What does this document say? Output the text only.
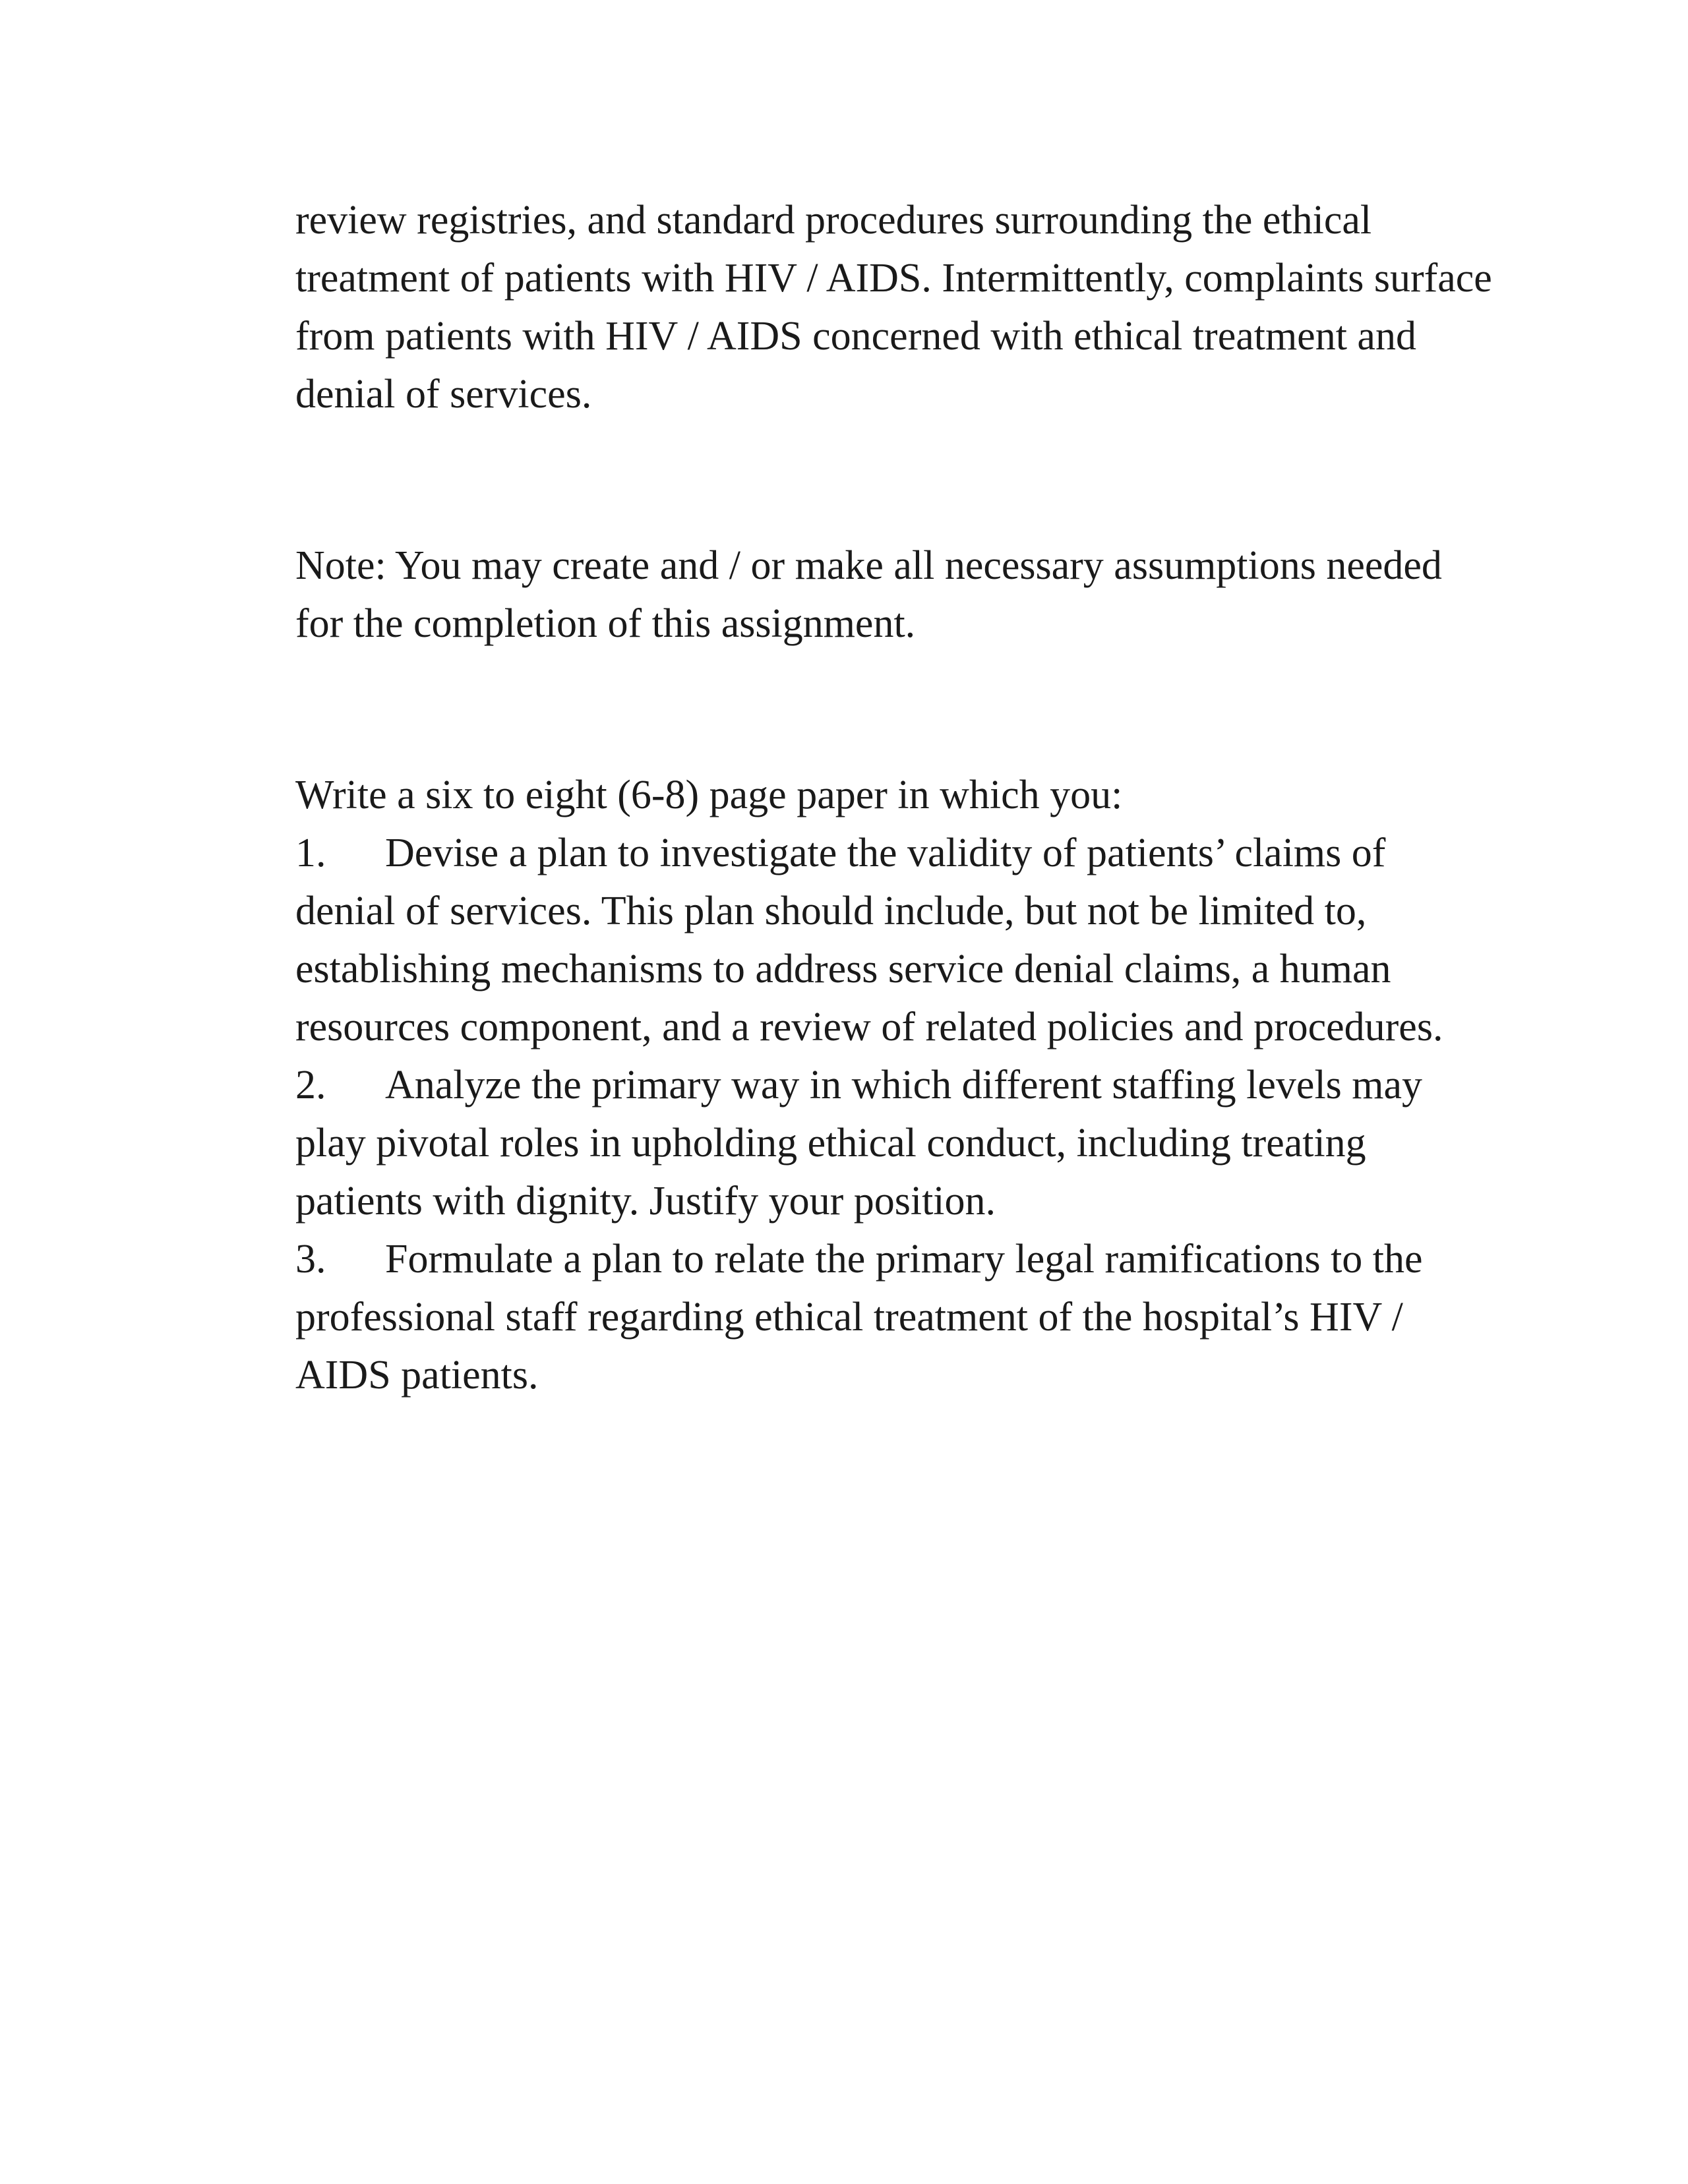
review registries, and standard procedures surrounding the ethical treatment of patients with HIV / AIDS. Intermittently, complaints surface from patients with HIV / AIDS concerned with ethical treatment and denial of services.

Note: You may create and / or make all necessary assumptions needed for the completion of this assignment.

Write a six to eight (6-8) page paper in which you:

1. Devise a plan to investigate the validity of patients’ claims of denial of services. This plan should include, but not be limited to, establishing mechanisms to address service denial claims, a human resources component, and a review of related policies and procedures.

2. Analyze the primary way in which different staffing levels may play pivotal roles in upholding ethical conduct, including treating patients with dignity. Justify your position.

3. Formulate a plan to relate the primary legal ramifications to the professional staff regarding ethical treatment of the hospital’s HIV / AIDS patients.
